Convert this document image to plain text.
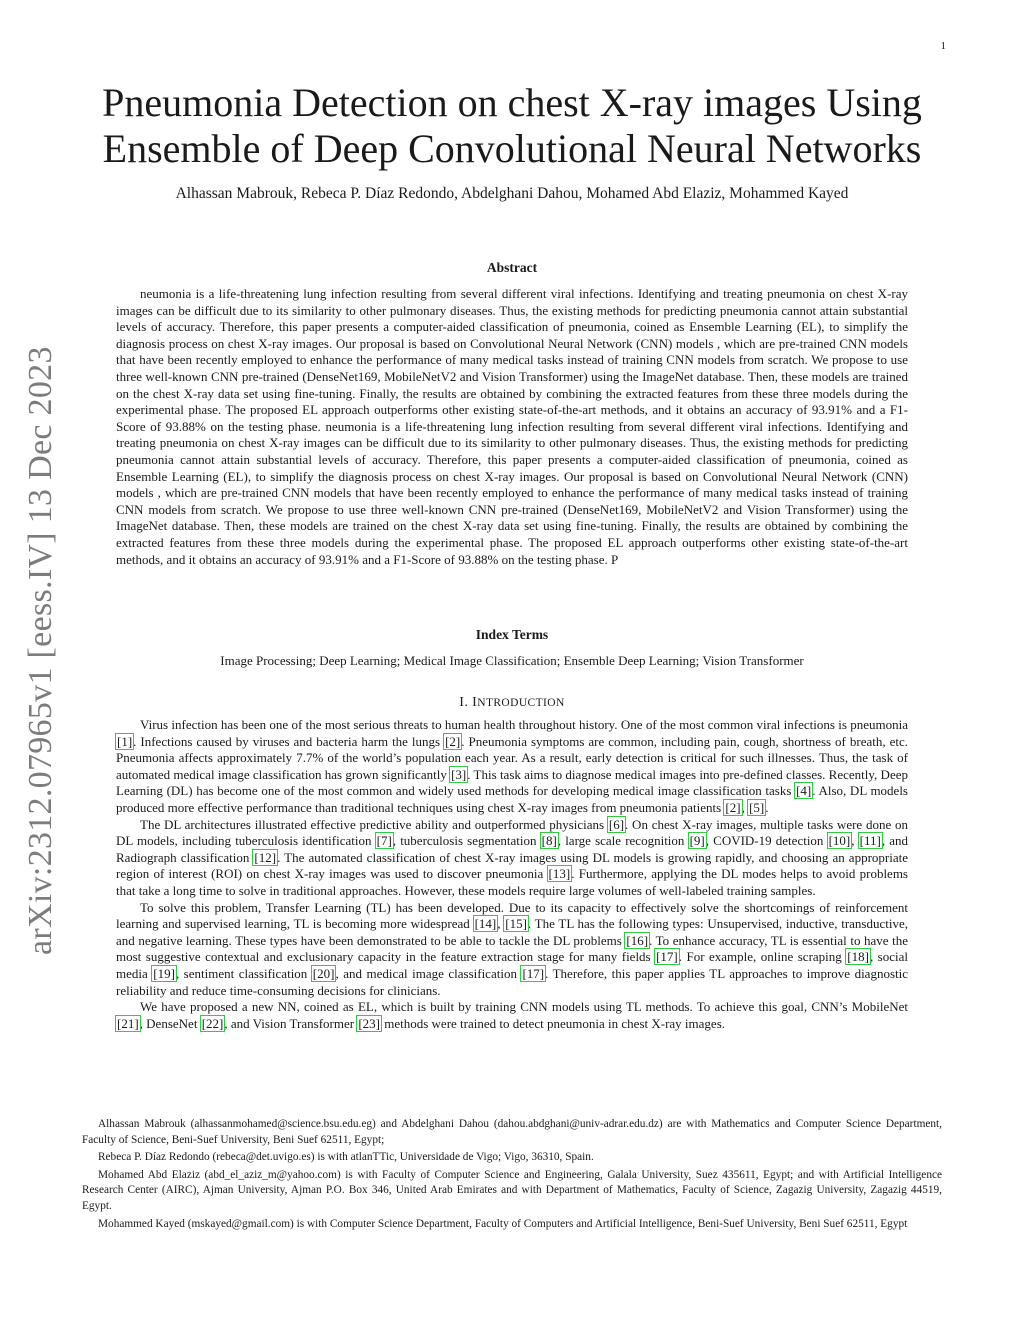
1
arXiv:2312.07965v1 [eess.IV] 13 Dec 2023
Pneumonia Detection on chest X-ray images Using Ensemble of Deep Convolutional Neural Networks
Alhassan Mabrouk, Rebeca P. Díaz Redondo, Abdelghani Dahou, Mohamed Abd Elaziz, Mohammed Kayed
Abstract

neumonia is a life-threatening lung infection resulting from several different viral infections. Identifying and treating pneumonia on chest X-ray images can be difficult due to its similarity to other pulmonary diseases. Thus, the existing methods for predicting pneumonia cannot attain substantial levels of accuracy. Therefore, this paper presents a computer-aided classification of pneumonia, coined as Ensemble Learning (EL), to simplify the diagnosis process on chest X-ray images. Our proposal is based on Convolutional Neural Network (CNN) models , which are pre-trained CNN models that have been recently employed to enhance the performance of many medical tasks instead of training CNN models from scratch. We propose to use three well-known CNN pre-trained (DenseNet169, MobileNetV2 and Vision Transformer) using the ImageNet database. Then, these models are trained on the chest X-ray data set using fine-tuning. Finally, the results are obtained by combining the extracted features from these three models during the experimental phase. The proposed EL approach outperforms other existing state-of-the-art methods, and it obtains an accuracy of 93.91% and a F1-Score of 93.88% on the testing phase. neumonia is a life-threatening lung infection resulting from several different viral infections. Identifying and treating pneumonia on chest X-ray images can be difficult due to its similarity to other pulmonary diseases. Thus, the existing methods for predicting pneumonia cannot attain substantial levels of accuracy. Therefore, this paper presents a computer-aided classification of pneumonia, coined as Ensemble Learning (EL), to simplify the diagnosis process on chest X-ray images. Our proposal is based on Convolutional Neural Network (CNN) models , which are pre-trained CNN models that have been recently employed to enhance the performance of many medical tasks instead of training CNN models from scratch. We propose to use three well-known CNN pre-trained (DenseNet169, MobileNetV2 and Vision Transformer) using the ImageNet database. Then, these models are trained on the chest X-ray data set using fine-tuning. Finally, the results are obtained by combining the extracted features from these three models during the experimental phase. The proposed EL approach outperforms other existing state-of-the-art methods, and it obtains an accuracy of 93.91% and a F1-Score of 93.88% on the testing phase. P

Index Terms
Image Processing; Deep Learning; Medical Image Classification; Ensemble Deep Learning; Vision Transformer
I. INTRODUCTION

Virus infection has been one of the most serious threats to human health throughout history. One of the most common viral infections is pneumonia [1]. Infections caused by viruses and bacteria harm the lungs [2]. Pneumonia symptoms are common, including pain, cough, shortness of breath, etc. Pneumonia affects approximately 7.7% of the world’s population each year. As a result, early detection is critical for such illnesses. Thus, the task of automated medical image classification has grown significantly [3]. This task aims to diagnose medical images into pre-defined classes. Recently, Deep Learning (DL) has become one of the most common and widely used methods for developing medical image classification tasks [4]. Also, DL models produced more effective performance than traditional techniques using chest X-ray images from pneumonia patients [2], [5].

The DL architectures illustrated effective predictive ability and outperformed physicians [6]. On chest X-ray images, multiple tasks were done on DL models, including tuberculosis identification [7], tuberculosis segmentation [8], large scale recognition [9], COVID-19 detection [10], [11], and Radiograph classification [12]. The automated classification of chest X-ray images using DL models is growing rapidly, and choosing an appropriate region of interest (ROI) on chest X-ray images was used to discover pneumonia [13]. Furthermore, applying the DL modes helps to avoid problems that take a long time to solve in traditional approaches. However, these models require large volumes of well-labeled training samples.

To solve this problem, Transfer Learning (TL) has been developed. Due to its capacity to effectively solve the shortcomings of reinforcement learning and supervised learning, TL is becoming more widespread [14], [15]. The TL has the following types: Unsupervised, inductive, transductive, and negative learning. These types have been demonstrated to be able to tackle the DL problems [16]. To enhance accuracy, TL is essential to have the most suggestive contextual and exclusionary capacity in the feature extraction stage for many fields [17]. For example, online scraping [18], social media [19], sentiment classification [20], and medical image classification [17]. Therefore, this paper applies TL approaches to improve diagnostic reliability and reduce time-consuming decisions for clinicians.

We have proposed a new NN, coined as EL, which is built by training CNN models using TL methods. To achieve this goal, CNN’s MobileNet [21], DenseNet [22], and Vision Transformer [23] methods were trained to detect pneumonia in chest X-ray images.

Alhassan Mabrouk (alhassanmohamed@science.bsu.edu.eg) and Abdelghani Dahou (dahou.abdghani@univ-adrar.edu.dz) are with Mathematics and Computer Science Department, Faculty of Science, Beni-Suef University, Beni Suef 62511, Egypt;

Rebeca P. Díaz Redondo (rebeca@det.uvigo.es) is with atlanTTic, Universidade de Vigo; Vigo, 36310, Spain.

Mohamed Abd Elaziz (abd_el_aziz_m@yahoo.com) is with Faculty of Computer Science and Engineering, Galala University, Suez 435611, Egypt; and with Artificial Intelligence Research Center (AIRC), Ajman University, Ajman P.O. Box 346, United Arab Emirates and with Department of Mathematics, Faculty of Science, Zagazig University, Zagazig 44519, Egypt.

Mohammed Kayed (mskayed@gmail.com) is with Computer Science Department, Faculty of Computers and Artificial Intelligence, Beni-Suef University, Beni Suef 62511, Egypt
